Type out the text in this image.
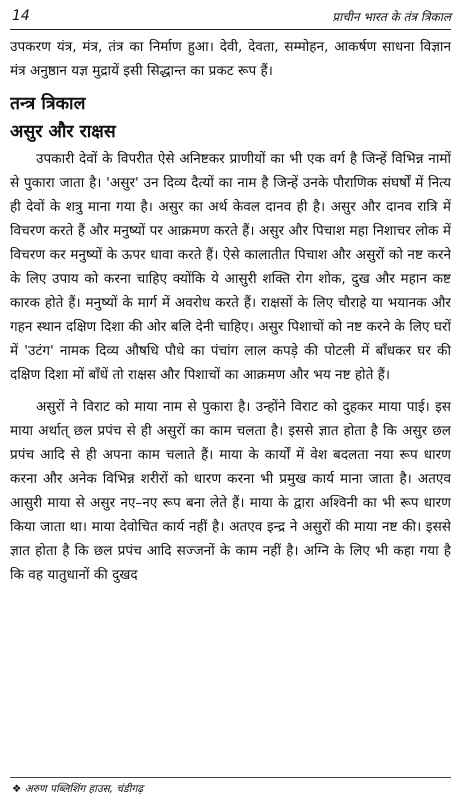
14	प्राचीन भारत के तंत्र त्रिकाल

उपकरण यंत्र, मंत्र, तंत्र का निर्माण हुआ। देवी, देवता, सम्मोहन, आकर्षण साधना विज्ञान मंत्र अनुष्ठान यज्ञ मुद्रायें इसी सिद्धान्त का प्रकट रूप हैं।

तन्त्र त्रिकाल
असुर और राक्षस

उपकारी देवों के विपरीत ऐसे अनिष्टकर प्राणीयों का भी एक वर्ग है जिन्हें विभिन्न नामों से पुकारा जाता है। 'असुर' उन दिव्य दैत्यों का नाम है जिन्हें उनके पौराणिक संघर्षों में नित्य ही देवों के शत्रु माना गया है। असुर का अर्थ केवल दानव ही है। असुर और दानव रात्रि में विचरण करते हैं और मनुष्यों पर आक्रमण करते हैं। असुर और पिचाश महा निशाचर लोक में विचरण कर मनुष्यों के ऊपर धावा करते हैं। ऐसे कालातीत पिचाश और असुरों को नष्ट करने के लिए उपाय को करना चाहिए क्योंकि ये आसुरी शक्ति रोग शोक, दुख और महान कष्ट कारक होते हैं। मनुष्यों के मार्ग में अवरोध करते हैं। राक्षसों के लिए चौराहे या भयानक और गहन स्थान दक्षिण दिशा की ओर बलि देनी चाहिए। असुर पिशाचों को नष्ट करने के लिए घरों में 'उटंग' नामक दिव्य औषधि पौधे का पंचांग लाल कपड़े की पोटली में बाँधकर घर की दक्षिण दिशा मों बाँधें तो राक्षस और पिशाचों का आक्रमण और भय नष्ट होते हैं।

असुरों ने विराट को माया नाम से पुकारा है। उन्होंने विराट को दुहकर माया पाई। इस माया अर्थात् छल प्रपंच से ही असुरों का काम चलता है। इससे ज्ञात होता है कि असुर छल प्रपंच आदि से ही अपना काम चलाते हैं। माया के कार्यों में वेश बदलता नया रूप धारण करना और अनेक विभिन्न शरीरों को धारण करना भी प्रमुख कार्य माना जाता है। अतएव आसुरी माया से असुर नए–नए रूप बना लेते हैं। माया के द्वारा अश्विनी का भी रूप धारण किया जाता था। माया देवोचित कार्य नहीं है। अतएव इन्द्र ने असुरों की माया नष्ट की। इससे ज्ञात होता है कि छल प्रपंच आदि सज्जनों के काम नहीं है। अग्नि के लिए भी कहा गया है कि वह यातुधानों की दुखद

❖ अरुण पब्लिशिंग हाउस, चंडीगढ़
